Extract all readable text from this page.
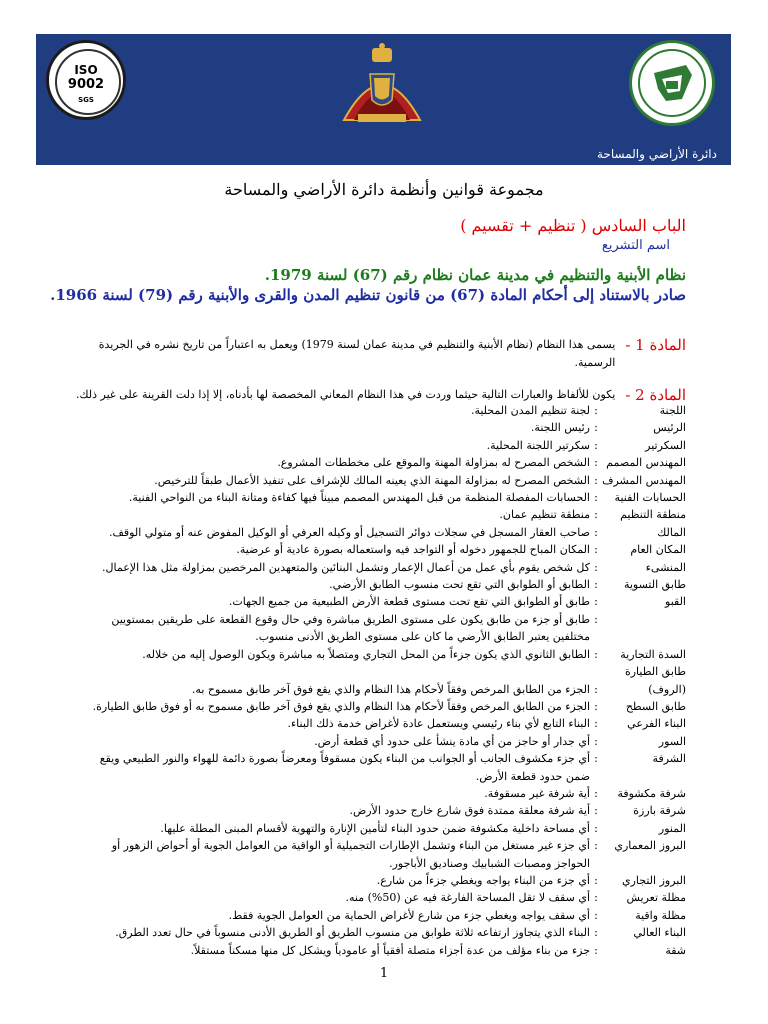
ISO
9002
SGS
دائرة الأراضي والمساحة
مجموعة قوانين وأنظمة دائرة الأراضي والمساحة
الباب السادس ( تنظيم + تقسيم )
اسم التشريع
نظام الأبنية والتنظيم في مدينة عمان نظام رقم (67) لسنة 1979.
صادر بالاستناد إلى أحكام المادة (67) من قانون تنظيم المدن والقرى والأبنية رقم (79) لسنة 1966.
المادة 1 -
يسمى هذا النظام (نظام الأبنية والتنظيم في مدينة عمان لسنة 1979) ويعمل به اعتباراً من تاريخ نشره في الجريدة الرسمية.
المادة 2 -
يكون للألفاظ والعبارات التالية حيثما وردت في هذا النظام المعاني المخصصة لها بأدناه، إلا إذا دلت القرينة على غير ذلك.
اللجنة
:
لجنة تنظيم المدن المحلية.
الرئيس
:
رئيس اللجنة.
السكرتير
:
سكرتير اللجنة المحلية.
المهندس المصمم
:
الشخص المصرح له بمزاولة المهنة والموقع على مخططات المشروع.
المهندس المشرف
:
الشخص المصرح له بمزاولة المهنة الذي يعينه المالك للإشراف على تنفيذ الأعمال طبقاً للترخيص.
الحسابات الفنية
:
الحسابات المفصلة المنظمة من قبل المهندس المصمم مبيناً فيها كفاءة ومتانة البناء من النواحي الفنية.
منطقة التنظيم
:
منطقة تنظيم عمان.
المالك
:
صاحب العقار المسجل في سجلات دوائر التسجيل أو وكيله العرفي أو الوكيل المفوض عنه أو متولي الوقف.
المكان العام
:
المكان المباح للجمهور دخوله أو التواجد فيه واستعماله بصورة عادية أو عرضية.
المنشىء
:
كل شخص يقوم بأي عمل من أعمال الإعمار وتشمل البنائين والمتعهدين المرخصين بمزاولة مثل هذا الإعمال.
طابق التسوية
:
الطابق أو الطوابق التي تقع تحت منسوب الطابق الأرضي.
القبو
:
طابق أو الطوابق التي تقع تحت مستوى قطعة الأرض الطبيعية من جميع الجهات.
:
طابق أو جزء من طابق يكون على مستوى الطريق مباشرة وفي حال وقوع القطعة على طريقين بمستويين
مختلفين يعتبر الطابق الأرضي ما كان على مستوى الطريق الأدنى منسوب.
السدة التجارية
:
الطابق الثانوي الذي يكون جزءاً من المحل التجاري ومتصلاً به مباشرة ويكون الوصول إليه من خلاله.
طابق الطيارة
(الروف)
:
الجزء من الطابق المرخص وفقاً لأحكام هذا النظام والذي يقع فوق آخر طابق مسموح به.
طابق السطح
:
الجزء من الطابق المرخص وفقاً لأحكام هذا النظام والذي يقع فوق آخر طابق مسموح به أو فوق طابق الطيارة.
البناء الفرعي
:
البناء التابع لأي بناء رئيسي ويستعمل عادة لأغراض خدمة ذلك البناء.
السور
:
أي جدار أو حاجز من أي مادة ينشأ على حدود أي قطعة أرض.
الشرفة
:
أي جزء مكشوف الجانب أو الجوانب من البناء يكون مسقوفاً ومعرضاً بصورة دائمة للهواء والنور الطبيعي ويقع
ضمن حدود قطعة الأرض.
شرفة مكشوفة
:
أية شرفة غير مسقوفة.
شرفة بارزة
:
أية شرفة معلقة ممتدة فوق شارع خارج حدود الأرض.
المنور
:
أي مساحة داخلية مكشوفة ضمن حدود البناء لتأمين الإنارة والتهوية لأقسام المبنى المطلة عليها.
البروز المعماري
:
أي جزء غير مستغل من البناء وتشمل الإطارات التجميلية أو الواقية من العوامل الجوية أو أحواض الزهور أو
الحواجز ومصبات الشبابيك وصناديق الأباجور.
البروز التجاري
:
أي جزء من البناء يواجه ويغطي جزءاً من شارع.
مظلة تعريش
:
أي سقف لا تقل المساحة الفارغة فيه عن (50%) منه.
مظلة واقية
:
أي سقف يواجه ويغطي جزء من شارع لأغراض الحماية من العوامل الجوية فقط.
البناء العالي
:
البناء الذي يتجاوز ارتفاعه ثلاثة طوابق من منسوب الطريق أو الطريق الأدنى منسوباً في حال تعدد الطرق.
شقة
:
جزء من بناء مؤلف من عدة أجزاء متصلة أفقياً أو عامودياً ويشكل كل منها مسكناً مستقلاً.
1
